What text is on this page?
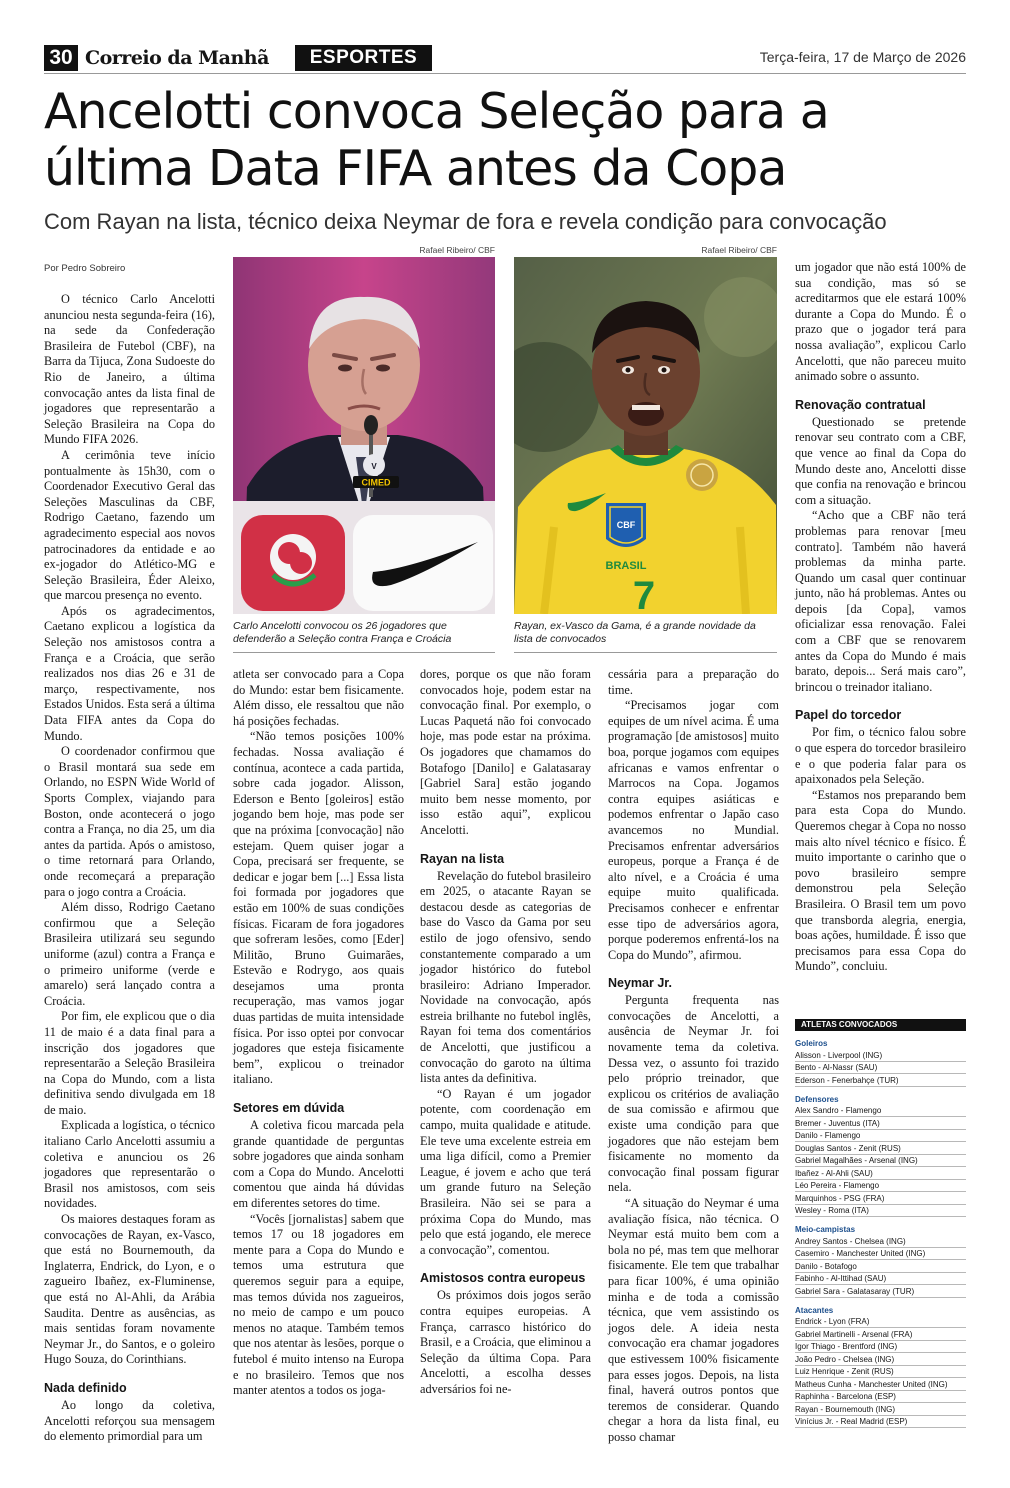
30 Correio da Manhã	ESPORTES	Terça-feira, 17 de Março de 2026
Ancelotti convoca Seleção para a
última Data FIFA antes da Copa
Com Rayan na lista, técnico deixa Neymar de fora e revela condição para convocação
Rafael Ribeiro/ CBF
V
CIMED
Carlo Ancelotti convocou os 26 jogadores que defenderão a Seleção contra França e Croácia
Rafael Ribeiro/ CBF
CBF
BRASIL
7
Rayan, ex-Vasco da Gama, é a grande novidade da lista de convocados
Por Pedro Sobreiro

O técnico Carlo Ancelotti anunciou nesta segunda-feira (16), na sede da Confederação Brasileira de Futebol (CBF), na Barra da Tijuca, Zona Sudoeste do Rio de Janeiro, a última convocação antes da lista final de jogadores que representarão a Seleção Brasileira na Copa do Mundo FIFA 2026.

A cerimônia teve início pontualmente às 15h30, com o Coordenador Executivo Geral das Seleções Masculinas da CBF, Rodrigo Caetano, fazendo um agradecimento especial aos novos patrocinadores da entidade e ao ex-jogador do Atlético-MG e Seleção Brasileira, Éder Aleixo, que marcou presença no evento.

Após os agradecimentos, Caetano explicou a logística da Seleção nos amistosos contra a França e a Croácia, que serão realizados nos dias 26 e 31 de março, respectivamente, nos Estados Unidos. Esta será a última Data FIFA antes da Copa do Mundo.

O coordenador confirmou que o Brasil montará sua sede em Orlando, no ESPN Wide World of Sports Complex, viajando para Boston, onde acontecerá o jogo contra a França, no dia 25, um dia antes da partida. Após o amistoso, o time retornará para Orlando, onde recomeçará a preparação para o jogo contra a Croácia.

Além disso, Rodrigo Caetano confirmou que a Seleção Brasileira utilizará seu segundo uniforme (azul) contra a França e o primeiro uniforme (verde e amarelo) será lançado contra a Croácia.

Por fim, ele explicou que o dia 11 de maio é a data final para a inscrição dos jogadores que representarão a Seleção Brasileira na Copa do Mundo, com a lista definitiva sendo divulgada em 18 de maio.

Explicada a logística, o técnico italiano Carlo Ancelotti assumiu a coletiva e anunciou os 26 jogadores que representarão o Brasil nos amistosos, com seis novidades.

Os maiores destaques foram as convocações de Rayan, ex-Vasco, que está no Bournemouth, da Inglaterra, Endrick, do Lyon, e o zagueiro Ibañez, ex-Fluminense, que está no Al-Ahli, da Arábia Saudita. Dentre as ausências, as mais sentidas foram novamente Neymar Jr., do Santos, e o goleiro Hugo Souza, do Corinthians.

Nada definido

Ao longo da coletiva, Ancelotti reforçou sua mensagem do elemento primordial para um

atleta ser convocado para a Copa do Mundo: estar bem fisicamente. Além disso, ele ressaltou que não há posições fechadas.

“Não temos posições 100% fechadas. Nossa avaliação é contínua, acontece a cada partida, sobre cada jogador. Alisson, Ederson e Bento [goleiros] estão jogando bem hoje, mas pode ser que na próxima [convocação] não estejam. Quem quiser jogar a Copa, precisará ser frequente, se dedicar e jogar bem [...] Essa lista foi formada por jogadores que estão em 100% de suas condições físicas. Ficaram de fora jogadores que sofreram lesões, como [Eder] Militão, Bruno Guimarães, Estevão e Rodrygo, aos quais desejamos uma pronta recuperação, mas vamos jogar duas partidas de muita intensidade física. Por isso optei por convocar jogadores que esteja fisicamente bem”, explicou o treinador italiano.

Setores em dúvida

A coletiva ficou marcada pela grande quantidade de perguntas sobre jogadores que ainda sonham com a Copa do Mundo. Ancelotti comentou que ainda há dúvidas em diferentes setores do time.

“Vocês [jornalistas] sabem que temos 17 ou 18 jogadores em mente para a Copa do Mundo e temos uma estrutura que queremos seguir para a equipe, mas temos dúvida nos zagueiros, no meio de campo e um pouco menos no ataque. Também temos que nos atentar às lesões, porque o futebol é muito intenso na Europa e no brasileiro. Temos que nos manter atentos a todos os joga-

dores, porque os que não foram convocados hoje, podem estar na convocação final. Por exemplo, o Lucas Paquetá não foi convocado hoje, mas pode estar na próxima. Os jogadores que chamamos do Botafogo [Danilo] e Galatasaray [Gabriel Sara] estão jogando muito bem nesse momento, por isso estão aqui”, explicou Ancelotti.

Rayan na lista

Revelação do futebol brasileiro em 2025, o atacante Rayan se destacou desde as categorias de base do Vasco da Gama por seu estilo de jogo ofensivo, sendo constantemente comparado a um jogador histórico do futebol brasileiro: Adriano Imperador. Novidade na convocação, após estreia brilhante no futebol inglês, Rayan foi tema dos comentários de Ancelotti, que justificou a convocação do garoto na última lista antes da definitiva.

“O Rayan é um jogador potente, com coordenação em campo, muita qualidade e atitude. Ele teve uma excelente estreia em uma liga difícil, como a Premier League, é jovem e acho que terá um grande futuro na Seleção Brasileira. Não sei se para a próxima Copa do Mundo, mas pelo que está jogando, ele merece a convocação”, comentou.

Amistosos contra europeus

Os próximos dois jogos serão contra equipes europeias. A França, carrasco histórico do Brasil, e a Croácia, que eliminou a Seleção da última Copa. Para Ancelotti, a escolha desses adversários foi ne-

cessária para a preparação do time.

“Precisamos jogar com equipes de um nível acima. É uma programação [de amistosos] muito boa, porque jogamos com equipes africanas e vamos enfrentar o Marrocos na Copa. Jogamos contra equipes asiáticas e podemos enfrentar o Japão caso avancemos no Mundial. Precisamos enfrentar adversários europeus, porque a França é de alto nível, e a Croácia é uma equipe muito qualificada. Precisamos conhecer e enfrentar esse tipo de adversários agora, porque poderemos enfrentá-los na Copa do Mundo”, afirmou.

Neymar Jr.

Pergunta frequenta nas convocações de Ancelotti, a ausência de Neymar Jr. foi novamente tema da coletiva. Dessa vez, o assunto foi trazido pelo próprio treinador, que explicou os critérios de avaliação de sua comissão e afirmou que existe uma condição para que jogadores que não estejam bem fisicamente no momento da convocação final possam figurar nela.

“A situação do Neymar é uma avaliação física, não técnica. O Neymar está muito bem com a bola no pé, mas tem que melhorar fisicamente. Ele tem que trabalhar para ficar 100%, é uma opinião minha e de toda a comissão técnica, que vem assistindo os jogos dele. A ideia nesta convocação era chamar jogadores que estivessem 100% fisicamente para esses jogos. Depois, na lista final, haverá outros pontos que teremos de considerar. Quando chegar a hora da lista final, eu posso chamar

um jogador que não está 100% de sua condição, mas só se acreditarmos que ele estará 100% durante a Copa do Mundo. É o prazo que o jogador terá para nossa avaliação”, explicou Carlo Ancelotti, que não pareceu muito animado sobre o assunto.

Renovação contratual

Questionado se pretende renovar seu contrato com a CBF, que vence ao final da Copa do Mundo deste ano, Ancelotti disse que confia na renovação e brincou com a situação.

“Acho que a CBF não terá problemas para renovar [meu contrato]. Também não haverá problemas da minha parte. Quando um casal quer continuar junto, não há problemas. Antes ou depois [da Copa], vamos oficializar essa renovação. Falei com a CBF que se renovarem antes da Copa do Mundo é mais barato, depois... Será mais caro”, brincou o treinador italiano.

Papel do torcedor

Por fim, o técnico falou sobre o que espera do torcedor brasileiro e o que poderia falar para os apaixonados pela Seleção.

“Estamos nos preparando bem para esta Copa do Mundo. Queremos chegar à Copa no nosso mais alto nível técnico e físico. É muito importante o carinho que o povo brasileiro sempre demonstrou pela Seleção Brasileira. O Brasil tem um povo que transborda alegria, energia, boas ações, humildade. É isso que precisamos para essa Copa do Mundo”, concluiu.

ATLETAS CONVOCADOS
Goleiros
Alisson - Liverpool (ING)
Bento - Al-Nassr (SAU)
Ederson - Fenerbahçe (TUR)
Defensores
Alex Sandro - Flamengo
Bremer - Juventus (ITA)
Danilo - Flamengo
Douglas Santos - Zenit (RUS)
Gabriel Magalhães - Arsenal (ING)
Ibañez - Al-Ahli (SAU)
Léo Pereira - Flamengo
Marquinhos - PSG (FRA)
Wesley - Roma (ITA)
Meio-campistas
Andrey Santos - Chelsea (ING)
Casemiro - Manchester United (ING)
Danilo - Botafogo
Fabinho - Al-Ittihad (SAU)
Gabriel Sara - Galatasaray (TUR)
Atacantes
Endrick - Lyon (FRA)
Gabriel Martinelli - Arsenal (FRA)
Igor Thiago - Brentford (ING)
João Pedro - Chelsea (ING)
Luiz Henrique - Zenit (RUS)
Matheus Cunha - Manchester United (ING)
Raphinha - Barcelona (ESP)
Rayan - Bournemouth (ING)
Vinícius Jr. - Real Madrid (ESP)
